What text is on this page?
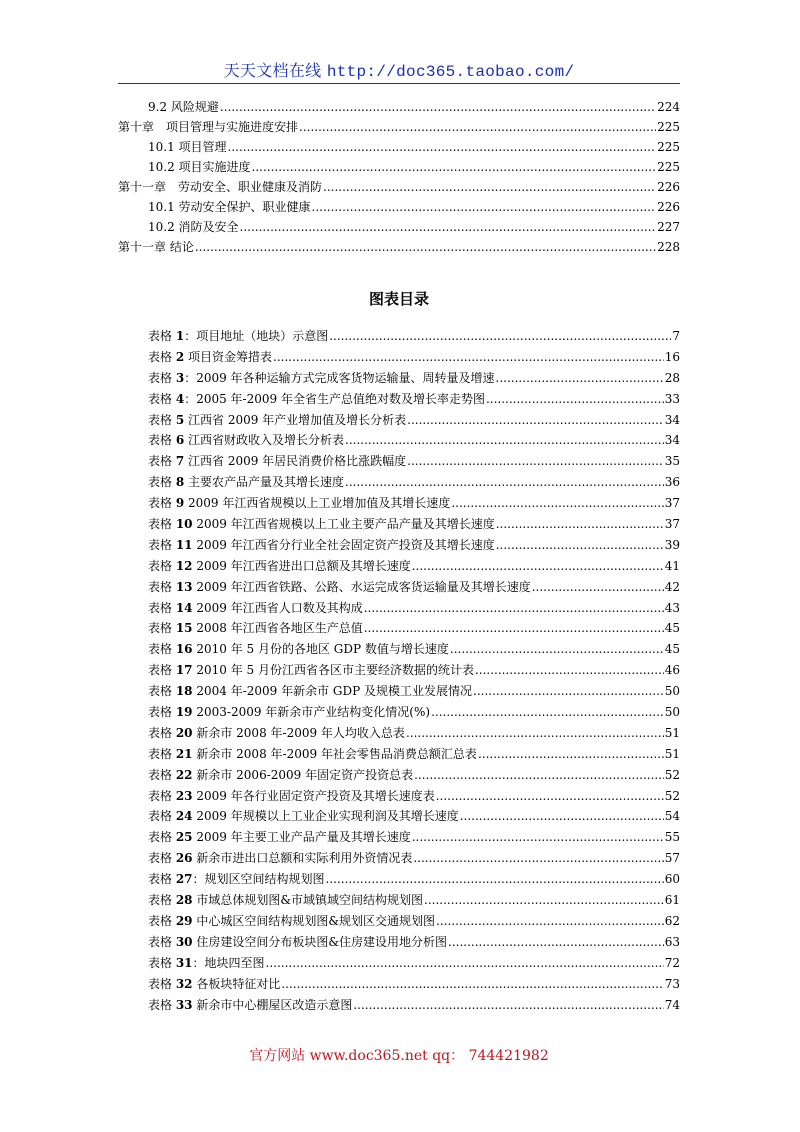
天天文档在线 http://doc365.taobao.com/
9.2 风险规避 .....	224
第十章　项目管理与实施进度安排 .....	225
10.1 项目管理 .....	225
10.2 项目实施进度 .....	225
第十一章　劳动安全、职业健康及消防 .....	226
10.1 劳动安全保护、职业健康 .....	226
10.2 消防及安全 .....	227
第十一章 结论 .....	228
图表目录
表格 1：项目地址（地块）示意图 .....	7
表格 2 项目资金筹措表 .....	16
表格 3：2009 年各种运输方式完成客货物运输量、周转量及增速 .....	28
表格 4：2005 年-2009 年全省生产总值绝对数及增长率走势图 .....	33
表格 5 江西省 2009 年产业增加值及增长分析表 .....	34
表格 6 江西省财政收入及增长分析表 .....	34
表格 7 江西省 2009 年居民消费价格比涨跌幅度 .....	35
表格 8 主要农产品产量及其增长速度 .....	36
表格 9 2009 年江西省规模以上工业增加值及其增长速度 .....	37
表格 10 2009 年江西省规模以上工业主要产品产量及其增长速度 .....	37
表格 11 2009 年江西省分行业全社会固定资产投资及其增长速度 .....	39
表格 12 2009 年江西省进出口总额及其增长速度 .....	41
表格 13 2009 年江西省铁路、公路、水运完成客货运输量及其增长速度 .....	42
表格 14 2009 年江西省人口数及其构成 .....	43
表格 15 2008 年江西省各地区生产总值 .....	45
表格 16 2010 年 5 月份的各地区 GDP 数值与增长速度 .....	45
表格 17 2010 年 5 月份江西省各区市主要经济数据的统计表 .....	46
表格 18 2004 年-2009 年新余市 GDP 及规模工业发展情况 .....	50
表格 19 2003-2009 年新余市产业结构变化情况(%) .....	50
表格 20 新余市 2008 年-2009 年人均收入总表 .....	51
表格 21 新余市 2008 年-2009 年社会零售品消费总额汇总表 .....	51
表格 22 新余市 2006-2009 年固定资产投资总表 .....	52
表格 23 2009 年各行业固定资产投资及其增长速度表 .....	52
表格 24 2009 年规模以上工业企业实现利润及其增长速度 .....	54
表格 25 2009 年主要工业产品产量及其增长速度 .....	55
表格 26 新余市进出口总额和实际利用外资情况表 .....	57
表格 27：规划区空间结构规划图 .....	60
表格 28 市域总体规划图&市域镇域空间结构规划图 .....	61
表格 29 中心城区空间结构规划图&规划区交通规划图 .....	62
表格 30 住房建设空间分布板块图&住房建设用地分析图 .....	63
表格 31：地块四至图 .....	72
表格 32 各板块特征对比 .....	73
表格 33 新余市中心棚屋区改造示意图 .....	74
官方网站 www.doc365.net qq： 744421982
